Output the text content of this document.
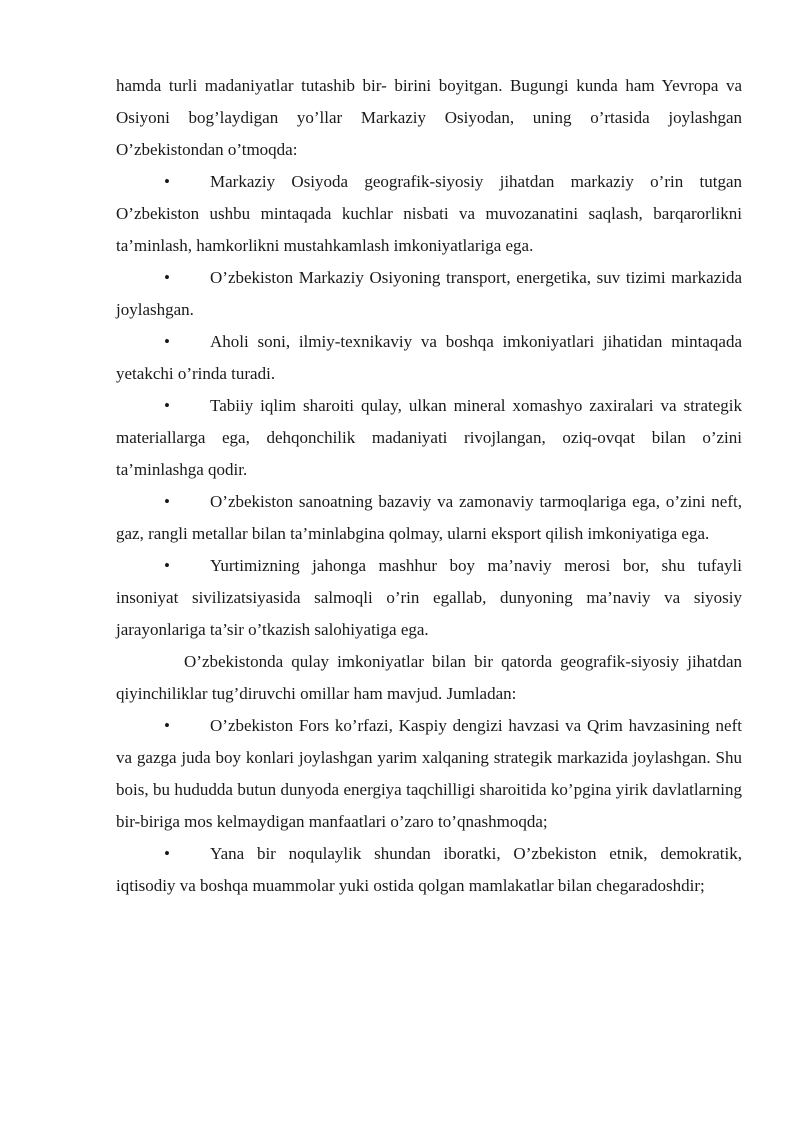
hamda turli madaniyatlar tutashib bir- birini boyitgan. Bugungi kunda ham Yevropa va Osiyoni bog’laydigan yo’llar Markaziy Osiyodan, uning o’rtasida joylashgan O’zbekistondan o’tmoqda:

• Markaziy Osiyoda geografik-siyosiy jihatdan markaziy o’rin tutgan O’zbekiston ushbu mintaqada kuchlar nisbati va muvozanatini saqlash, barqarorlikni ta’minlash, hamkorlikni mustahkamlash imkoniyatlariga ega.

• O’zbekiston Markaziy Osiyoning transport, energetika, suv tizimi markazida joylashgan.

• Aholi soni, ilmiy-texnikaviy va boshqa imkoniyatlari jihatidan mintaqada yetakchi o’rinda turadi.

• Tabiiy iqlim sharoiti qulay, ulkan mineral xomashyo zaxiralari va strategik materiallarga ega, dehqonchilik madaniyati rivojlangan, oziq-ovqat bilan o’zini ta’minlashga qodir.

• O’zbekiston sanoatning bazaviy va zamonaviy tarmoqlariga ega, o’zini neft, gaz, rangli metallar bilan ta’minlabgina qolmay, ularni eksport qilish imkoniyatiga ega.

• Yurtimizning jahonga mashhur boy ma’naviy merosi bor, shu tufayli insoniyat sivilizatsiyasida salmoqli o’rin egallab, dunyoning ma’naviy va siyosiy jarayonlariga ta’sir o’tkazish salohiyatiga ega.

O’zbekistonda qulay imkoniyatlar bilan bir qatorda geografik-siyosiy jihatdan qiyinchiliklar tug’diruvchi omillar ham mavjud. Jumladan:

• O’zbekiston Fors ko’rfazi, Kaspiy dengizi havzasi va Qrim havzasining neft va gazga juda boy konlari joylashgan yarim xalqaning strategik markazida joylashgan. Shu bois, bu hududda butun dunyoda energiya taqchilligi sharoitida ko’pgina yirik davlatlarning bir-biriga mos kelmaydigan manfaatlari o’zaro to’qnashmoqda;

• Yana bir noqulaylik shundan iboratki, O’zbekiston etnik, demokratik, iqtisodiy va boshqa muammolar yuki ostida qolgan mamlakatlar bilan chegaradoshdir;
